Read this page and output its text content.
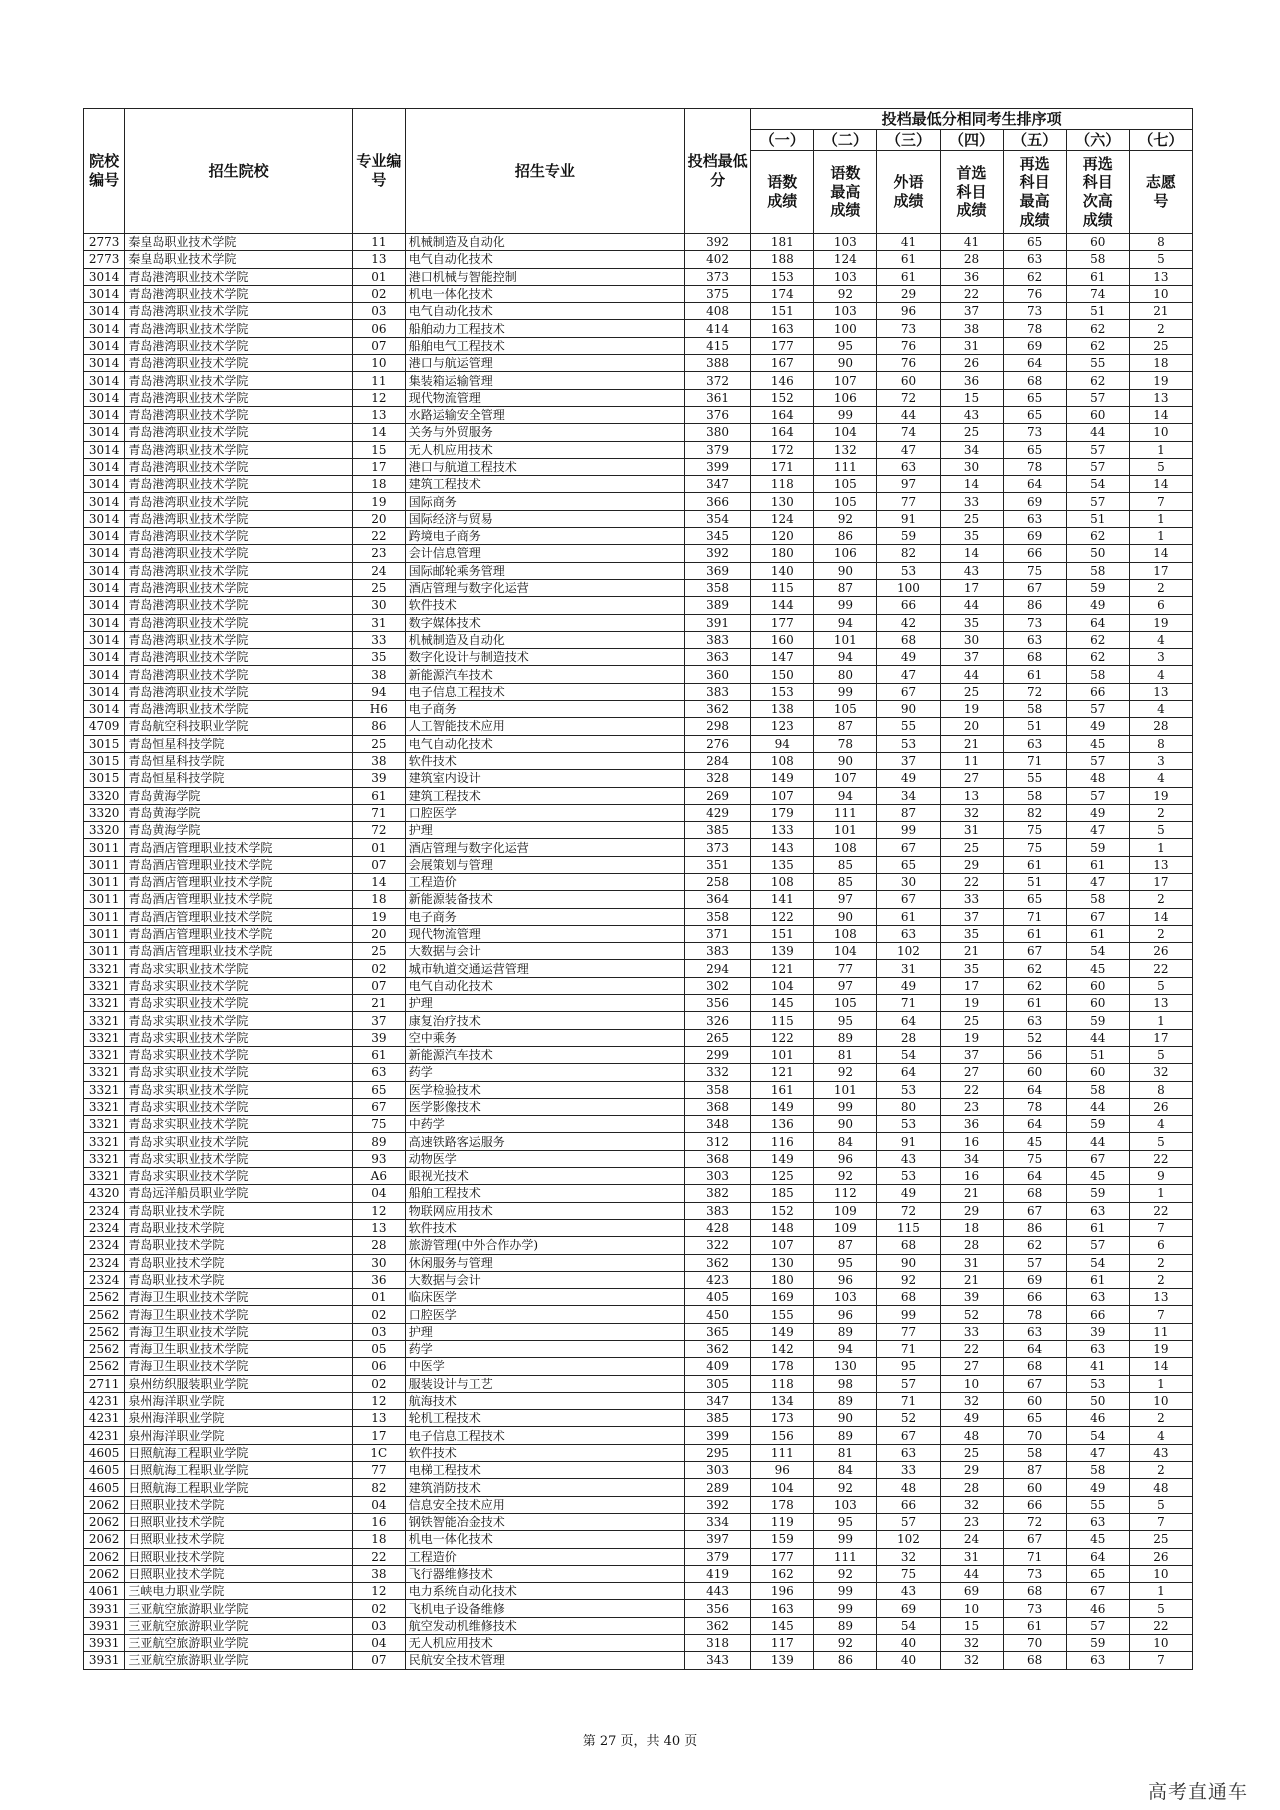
院校编号	招生院校	专业编号	招生专业	投档最低分	投档最低分相同考生排序项						
					（一）	（二）	（三）	（四）	（五）	（六）	（七）
					语数成绩	语数最高成绩	外语成绩	首选科目成绩	再选科目最高成绩	再选科目次高成绩	志愿号
2773	秦皇岛职业技术学院	11	机械制造及自动化	392	181	103	41	41	65	60	8
2773	秦皇岛职业技术学院	13	电气自动化技术	402	188	124	61	28	63	58	5
3014	青岛港湾职业技术学院	01	港口机械与智能控制	373	153	103	61	36	62	61	13
3014	青岛港湾职业技术学院	02	机电一体化技术	375	174	92	29	22	76	74	10
3014	青岛港湾职业技术学院	03	电气自动化技术	408	151	103	96	37	73	51	21
3014	青岛港湾职业技术学院	06	船舶动力工程技术	414	163	100	73	38	78	62	2
3014	青岛港湾职业技术学院	07	船舶电气工程技术	415	177	95	76	31	69	62	25
3014	青岛港湾职业技术学院	10	港口与航运管理	388	167	90	76	26	64	55	18
3014	青岛港湾职业技术学院	11	集装箱运输管理	372	146	107	60	36	68	62	19
3014	青岛港湾职业技术学院	12	现代物流管理	361	152	106	72	15	65	57	13
3014	青岛港湾职业技术学院	13	水路运输安全管理	376	164	99	44	43	65	60	14
3014	青岛港湾职业技术学院	14	关务与外贸服务	380	164	104	74	25	73	44	10
3014	青岛港湾职业技术学院	15	无人机应用技术	379	172	132	47	34	65	57	1
3014	青岛港湾职业技术学院	17	港口与航道工程技术	399	171	111	63	30	78	57	5
3014	青岛港湾职业技术学院	18	建筑工程技术	347	118	105	97	14	64	54	14
3014	青岛港湾职业技术学院	19	国际商务	366	130	105	77	33	69	57	7
3014	青岛港湾职业技术学院	20	国际经济与贸易	354	124	92	91	25	63	51	1
3014	青岛港湾职业技术学院	22	跨境电子商务	345	120	86	59	35	69	62	1
3014	青岛港湾职业技术学院	23	会计信息管理	392	180	106	82	14	66	50	14
3014	青岛港湾职业技术学院	24	国际邮轮乘务管理	369	140	90	53	43	75	58	17
3014	青岛港湾职业技术学院	25	酒店管理与数字化运营	358	115	87	100	17	67	59	2
3014	青岛港湾职业技术学院	30	软件技术	389	144	99	66	44	86	49	6
3014	青岛港湾职业技术学院	31	数字媒体技术	391	177	94	42	35	73	64	19
3014	青岛港湾职业技术学院	33	机械制造及自动化	383	160	101	68	30	63	62	4
3014	青岛港湾职业技术学院	35	数字化设计与制造技术	363	147	94	49	37	68	62	3
3014	青岛港湾职业技术学院	38	新能源汽车技术	360	150	80	47	44	61	58	4
3014	青岛港湾职业技术学院	94	电子信息工程技术	383	153	99	67	25	72	66	13
3014	青岛港湾职业技术学院	H6	电子商务	362	138	105	90	19	58	57	4
4709	青岛航空科技职业学院	86	人工智能技术应用	298	123	87	55	20	51	49	28
3015	青岛恒星科技学院	25	电气自动化技术	276	94	78	53	21	63	45	8
3015	青岛恒星科技学院	38	软件技术	284	108	90	37	11	71	57	3
3015	青岛恒星科技学院	39	建筑室内设计	328	149	107	49	27	55	48	4
3320	青岛黄海学院	61	建筑工程技术	269	107	94	34	13	58	57	19
3320	青岛黄海学院	71	口腔医学	429	179	111	87	32	82	49	2
3320	青岛黄海学院	72	护理	385	133	101	99	31	75	47	5
3011	青岛酒店管理职业技术学院	01	酒店管理与数字化运营	373	143	108	67	25	75	59	1
3011	青岛酒店管理职业技术学院	07	会展策划与管理	351	135	85	65	29	61	61	13
3011	青岛酒店管理职业技术学院	14	工程造价	258	108	85	30	22	51	47	17
3011	青岛酒店管理职业技术学院	18	新能源装备技术	364	141	97	67	33	65	58	2
3011	青岛酒店管理职业技术学院	19	电子商务	358	122	90	61	37	71	67	14
3011	青岛酒店管理职业技术学院	20	现代物流管理	371	151	108	63	35	61	61	2
3011	青岛酒店管理职业技术学院	25	大数据与会计	383	139	104	102	21	67	54	26
3321	青岛求实职业技术学院	02	城市轨道交通运营管理	294	121	77	31	35	62	45	22
3321	青岛求实职业技术学院	07	电气自动化技术	302	104	97	49	17	62	60	5
3321	青岛求实职业技术学院	21	护理	356	145	105	71	19	61	60	13
3321	青岛求实职业技术学院	37	康复治疗技术	326	115	95	64	25	63	59	1
3321	青岛求实职业技术学院	39	空中乘务	265	122	89	28	19	52	44	17
3321	青岛求实职业技术学院	61	新能源汽车技术	299	101	81	54	37	56	51	5
3321	青岛求实职业技术学院	63	药学	332	121	92	64	27	60	60	32
3321	青岛求实职业技术学院	65	医学检验技术	358	161	101	53	22	64	58	8
3321	青岛求实职业技术学院	67	医学影像技术	368	149	99	80	23	78	44	26
3321	青岛求实职业技术学院	75	中药学	348	136	90	53	36	64	59	4
3321	青岛求实职业技术学院	89	高速铁路客运服务	312	116	84	91	16	45	44	5
3321	青岛求实职业技术学院	93	动物医学	368	149	96	43	34	75	67	22
3321	青岛求实职业技术学院	A6	眼视光技术	303	125	92	53	16	64	45	9
4320	青岛远洋船员职业学院	04	船舶工程技术	382	185	112	49	21	68	59	1
2324	青岛职业技术学院	12	物联网应用技术	383	152	109	72	29	67	63	22
2324	青岛职业技术学院	13	软件技术	428	148	109	115	18	86	61	7
2324	青岛职业技术学院	28	旅游管理(中外合作办学)	322	107	87	68	28	62	57	6
2324	青岛职业技术学院	30	休闲服务与管理	362	130	95	90	31	57	54	2
2324	青岛职业技术学院	36	大数据与会计	423	180	96	92	21	69	61	2
2562	青海卫生职业技术学院	01	临床医学	405	169	103	68	39	66	63	13
2562	青海卫生职业技术学院	02	口腔医学	450	155	96	99	52	78	66	7
2562	青海卫生职业技术学院	03	护理	365	149	89	77	33	63	39	11
2562	青海卫生职业技术学院	05	药学	362	142	94	71	22	64	63	19
2562	青海卫生职业技术学院	06	中医学	409	178	130	95	27	68	41	14
2711	泉州纺织服装职业学院	02	服装设计与工艺	305	118	98	57	10	67	53	1
4231	泉州海洋职业学院	12	航海技术	347	134	89	71	32	60	50	10
4231	泉州海洋职业学院	13	轮机工程技术	385	173	90	52	49	65	46	2
4231	泉州海洋职业学院	17	电子信息工程技术	399	156	89	67	48	70	54	4
4605	日照航海工程职业学院	1C	软件技术	295	111	81	63	25	58	47	43
4605	日照航海工程职业学院	77	电梯工程技术	303	96	84	33	29	87	58	2
4605	日照航海工程职业学院	82	建筑消防技术	289	104	92	48	28	60	49	48
2062	日照职业技术学院	04	信息安全技术应用	392	178	103	66	32	66	55	5
2062	日照职业技术学院	16	钢铁智能冶金技术	334	119	95	57	23	72	63	7
2062	日照职业技术学院	18	机电一体化技术	397	159	99	102	24	67	45	25
2062	日照职业技术学院	22	工程造价	379	177	111	32	31	71	64	26
2062	日照职业技术学院	38	飞行器维修技术	419	162	92	75	44	73	65	10
4061	三峡电力职业学院	12	电力系统自动化技术	443	196	99	43	69	68	67	1
3931	三亚航空旅游职业学院	02	飞机电子设备维修	356	163	99	69	10	73	46	5
3931	三亚航空旅游职业学院	03	航空发动机维修技术	362	145	89	54	15	61	57	22
3931	三亚航空旅游职业学院	04	无人机应用技术	318	117	92	40	32	70	59	10
3931	三亚航空旅游职业学院	07	民航安全技术管理	343	139	86	40	32	68	63	7
第 27 页，共 40 页
高考直通车
